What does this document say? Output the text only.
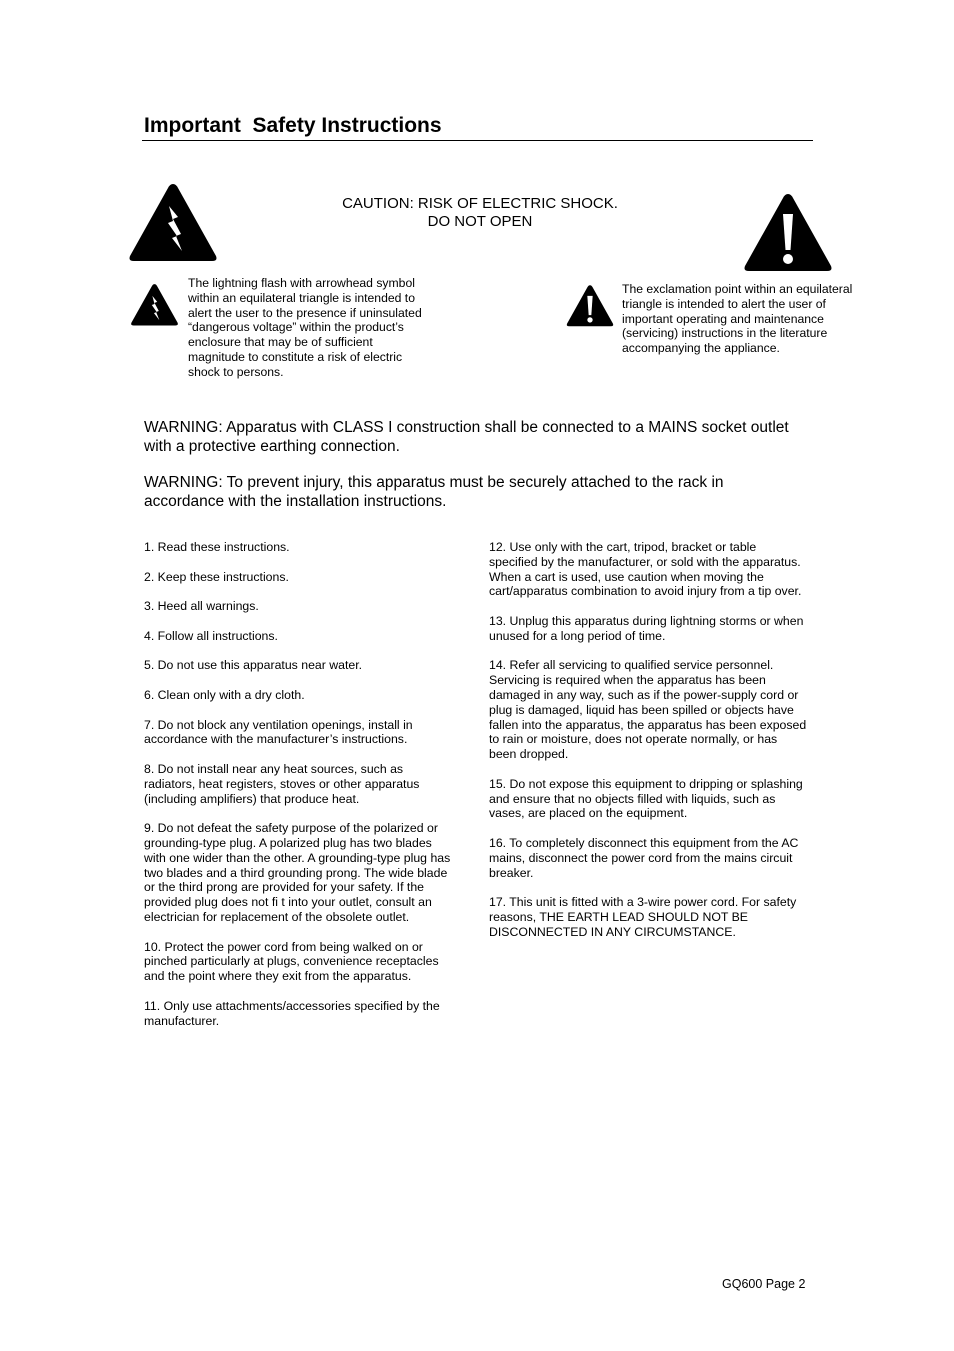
Important  Safety Instructions
CAUTION: RISK OF ELECTRIC SHOCK.
DO NOT OPEN
The lightning flash with arrowhead symbol within an equilateral triangle is intended to alert the user to the presence if uninsulated “dangerous voltage” within the product’s enclosure that may be of sufficient magnitude to constitute a risk of electric shock to persons.
The exclamation point within an equilateral triangle is intended to alert the user of important operating and maintenance (servicing) instructions in the literature accompanying the appliance.
WARNING: Apparatus with CLASS I construction shall be connected to a MAINS socket outlet with a protective earthing connection.
WARNING: To prevent injury, this apparatus must be securely attached to the rack in accordance with the installation instructions.
1. Read these instructions.
2. Keep these instructions.
3. Heed all warnings.
4. Follow all instructions.
5. Do not use this apparatus near water.
6. Clean only with a dry cloth.
7. Do not block any ventilation openings, install in accordance with the manufacturer’s instructions.
8. Do not install near any heat sources, such as radiators, heat registers, stoves or other apparatus (including amplifiers) that produce heat.
9. Do not defeat the safety purpose of the polarized or grounding-type plug. A polarized plug has two blades with one wider than the other. A grounding-type plug has two blades and a third grounding prong. The wide blade or the third prong are provided for your safety. If the provided plug does not fi t into your outlet, consult an electrician for replacement of the obsolete outlet.
10. Protect the power cord from being walked on or pinched particularly at plugs, convenience receptacles and the point where they exit from the apparatus.
11. Only use attachments/accessories specified by the manufacturer.
12. Use only with the cart, tripod, bracket or table specified by the manufacturer, or sold with the apparatus. When a cart is used, use caution when moving the cart/apparatus combination to avoid injury from a tip over.
13. Unplug this apparatus during lightning storms or when unused for a long period of time.
14. Refer all servicing to qualified service personnel. Servicing is required when the apparatus has been damaged in any way, such as if the power-supply cord or plug is damaged, liquid has been spilled or objects have fallen into the apparatus, the apparatus has been exposed to rain or moisture, does not operate normally, or has been dropped.
15. Do not expose this equipment to dripping or splashing and ensure that no objects filled with liquids, such as vases, are placed on the equipment.
16. To completely disconnect this equipment from the AC mains, disconnect the power cord from the mains circuit breaker.
17. This unit is fitted with a 3-wire power cord. For safety reasons, THE EARTH LEAD SHOULD NOT BE DISCONNECTED IN ANY CIRCUMSTANCE.
GQ600 Page 2
